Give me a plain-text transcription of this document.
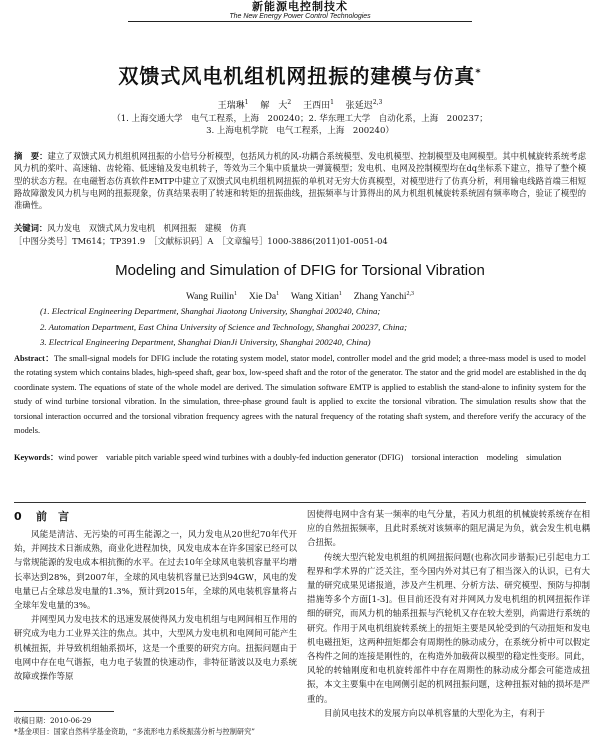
新能源电控制技术
The New Energy Power Control Technologies
双馈式风电机组机网扭振的建模与仿真*
王瑞琳$^1$　 解　大$^2$　 王西田$^1$　 张延迟$^{2,3}$
（1. 上海交通大学　电气工程系，上海　200240；2. 华东理工大学　自动化系，上海　200237；
3. 上海电机学院　电气工程系，上海　200240）
摘　要：建立了双馈式风力机组机网扭振的小信号分析模型，包括风力机的风-功耦合系统模型、发电机模型、控制模型及电网模型。其中机械旋转系统考虑风力机的桨叶、高速轴、齿轮箱、低速轴及发电机转子，等效为三个集中质量块一弹簧模型；发电机、电网及控制模型均在dq坐标系下建立，推导了整个模型的状态方程。在电磁暂态仿真软件EMTP中建立了双馈式风电机组机网扭振的单机对无穷大仿真模型，对模型进行了仿真分析，利用输电线路首端三相短路故障激发风力机与电网的扭振现象，仿真结果表明了转速和转矩的扭振曲线，扭振频率与计算得出的风力机组机械旋转系统固有频率吻合，验证了模型的准确性。
关键词：风力发电　双馈式风力发电机　机网扭振　建模　仿真
［中图分类号］TM614；TP391.9　［文献标识码］A　［文章编号］1000-3886(2011)01-0051-04
Modeling and Simulation of DFIG for Torsional Vibration
Wang Ruilin$^1$　 Xie Da$^1$　 Wang Xitian$^1$　 Zhang Yanchi$^{2,3}$
(1. Electrical Engineering Department, Shanghai Jiaotong University, Shanghai 200240, China;
2. Automation Department, East China University of Science and Technology, Shanghai 200237, China;
3. Electrical Engineering Department, Shanghai DianJi University, Shanghai 200240, China)
Abstract：The small-signal models for DFIG include the rotating system model, stator model, controller model and the grid model; a three-mass model is used to model the rotating system which contains blades, high-speed shaft, gear box, low-speed shaft and the rotor of the generator. The stator and the grid model are established in the dq coordinate system. The equations of state of the whole model are derived. The simulation software EMTP is applied to establish the stand-alone to infinity system for the study of wind turbine torsional vibration. In the simulation, three-phase ground fault is applied to excite the torsional vibration. The simulation results show that the torsional interaction occurred and the torsional vibration frequency agrees with the natural frequency of the rotating shaft system, and therefore verify the accuracy of the models.
Keywords：wind power　variable pitch variable speed wind turbines with a doubly-fed induction generator (DFIG)　torsional interaction　modeling　simulation
0 前　言

风能是清洁、无污染的可再生能源之一，风力发电从20世纪70年代开始，并网技术日渐成熟，商业化进程加快，风发电成本在许多国家已经可以与常规能源的发电成本相抗衡的水平。在过去10年全球风电装机容量平均增长率达到28%，到2007年，全球的风电装机容量已达到94GW，风电的发电量已占全球总发电量的1.3%，预计到2015年，全球的风电装机容量将占全球年发电量的3%。

并网型风力发电技术的迅速发展使得风力发电机组与电网间相互作用的研究成为电力工业界关注的焦点。其中，大型风力发电机和电网间可能产生机械扭振，并导致机组轴系损坏，这是一个重要的研究方向。扭振问题由于电网中存在电气谐振，电力电子装置的快速动作，非特征谐波以及电力系统故障或操作等原

因使得电网中含有某一频率的电气分量，若风力机组的机械旋转系统存在相应的自然扭振频率，且此时系统对该频率的阻尼满足为负，就会发生机电耦合扭振。

传统大型汽轮发电机组的机网扭振问题(也称次同步谐振)已引起电力工程界和学术界的广泛关注，至今国内外对其已有了相当深入的认识，已有大量的研究成果见诸报道，涉及产生机理、分析方法、研究模型、预防与抑制措施等多个方面[1-3]。但目前还没有对并网风力发电机组的机网扭振作详细的研究，而风力机的轴系扭振与汽轮机又存在较大差别，尚需进行系统的研究。作用于风电机组旋转系统上的扭矩主要是风轮受到的气动扭矩和发电机电磁扭矩，这两种扭矩都会有周期性的脉动成分，在系统分析中可以假定各构件之间的连接是刚性的，在构造外加载荷以模型的稳定性变形。同此，风轮的转轴刚度和电机旋转部件中存在周期性的脉动成分都会可能造成扭振，本文主要集中在电网侧引起的机网扭振问题，这种扭振对轴的损坏是严重的。

目前风电技术的发展方向以单机容量的大型化为主，有利于

收稿日期：2010-06-29
*基金项目：国家自然科学基金资助，“多流形电力系统振荡分析与控制研究”
